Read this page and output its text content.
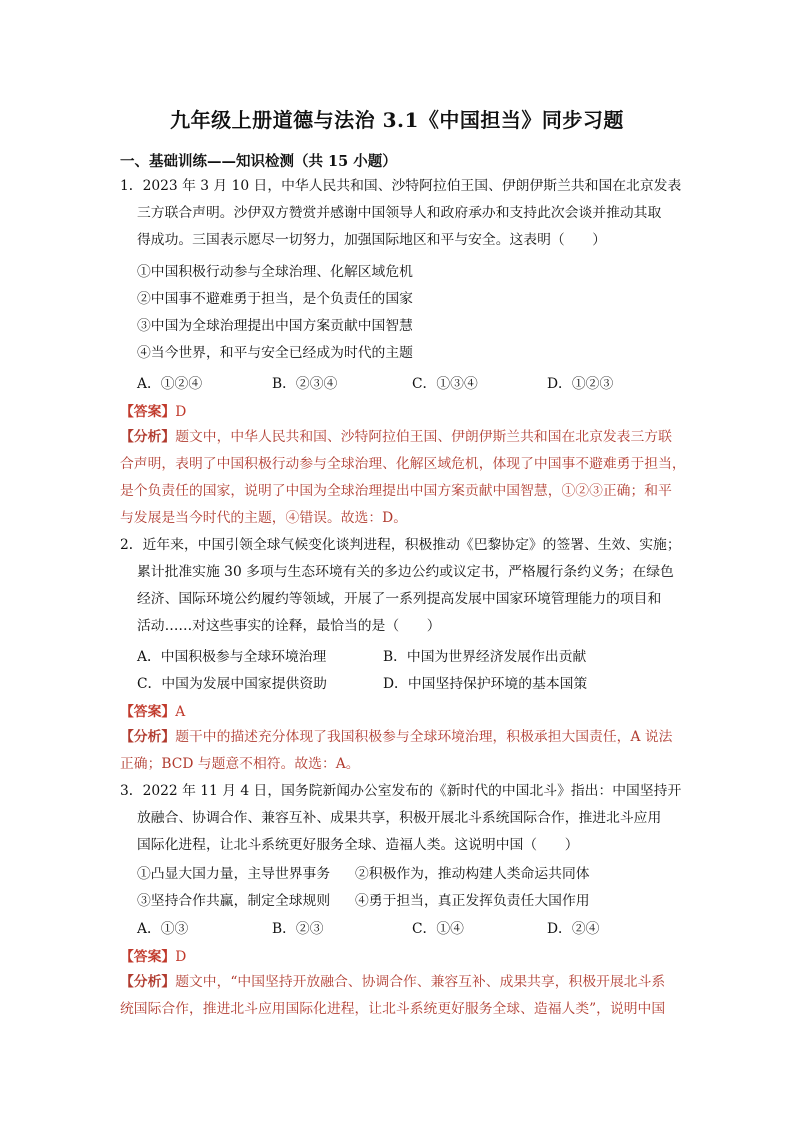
九年级上册道德与法治 3.1《中国担当》同步习题
一、基础训练——知识检测（共 15 小题）
1．2023 年 3 月 10 日，中华人民共和国、沙特阿拉伯王国、伊朗伊斯兰共和国在北京发表
三方联合声明。沙伊双方赞赏并感谢中国领导人和政府承办和支持此次会谈并推动其取
得成功。三国表示愿尽一切努力，加强国际地区和平与安全。这表明（　　）
①中国积极行动参与全球治理、化解区域危机
②中国事不避难勇于担当，是个负责任的国家
③中国为全球治理提出中国方案贡献中国智慧
④当今世界，和平与安全已经成为时代的主题
A．①②④	B．②③④	C．①③④	D．①②③
【答案】D
【分析】题文中，中华人民共和国、沙特阿拉伯王国、伊朗伊斯兰共和国在北京发表三方联
合声明，表明了中国积极行动参与全球治理、化解区域危机，体现了中国事不避难勇于担当，
是个负责任的国家，说明了中国为全球治理提出中国方案贡献中国智慧，①②③正确；和平
与发展是当今时代的主题，④错误。故选：D。
2．近年来，中国引领全球气候变化谈判进程，积极推动《巴黎协定》的签署、生效、实施；
累计批准实施 30 多项与生态环境有关的多边公约或议定书，严格履行条约义务；在绿色
经济、国际环境公约履约等领域，开展了一系列提高发展中国家环境管理能力的项目和
活动……对这些事实的诠释，最恰当的是（　　）
A．中国积极参与全球环境治理	B．中国为世界经济发展作出贡献
C．中国为发展中国家提供资助	D．中国坚持保护环境的基本国策
【答案】A
【分析】题干中的描述充分体现了我国积极参与全球环境治理，积极承担大国责任，A 说法
正确；BCD 与题意不相符。故选：A。
3．2022 年 11 月 4 日，国务院新闻办公室发布的《新时代的中国北斗》指出：中国坚持开
放融合、协调合作、兼容互补、成果共享，积极开展北斗系统国际合作，推进北斗应用
国际化进程，让北斗系统更好服务全球、造福人类。这说明中国（　　）
①凸显大国力量，主导世界事务 ②积极作为，推动构建人类命运共同体
③坚持合作共赢，制定全球规则 ④勇于担当，真正发挥负责任大国作用
A．①③	B．②③	C．①④	D．②④
【答案】D
【分析】题文中，“中国坚持开放融合、协调合作、兼容互补、成果共享，积极开展北斗系
统国际合作，推进北斗应用国际化进程，让北斗系统更好服务全球、造福人类”，说明中国
